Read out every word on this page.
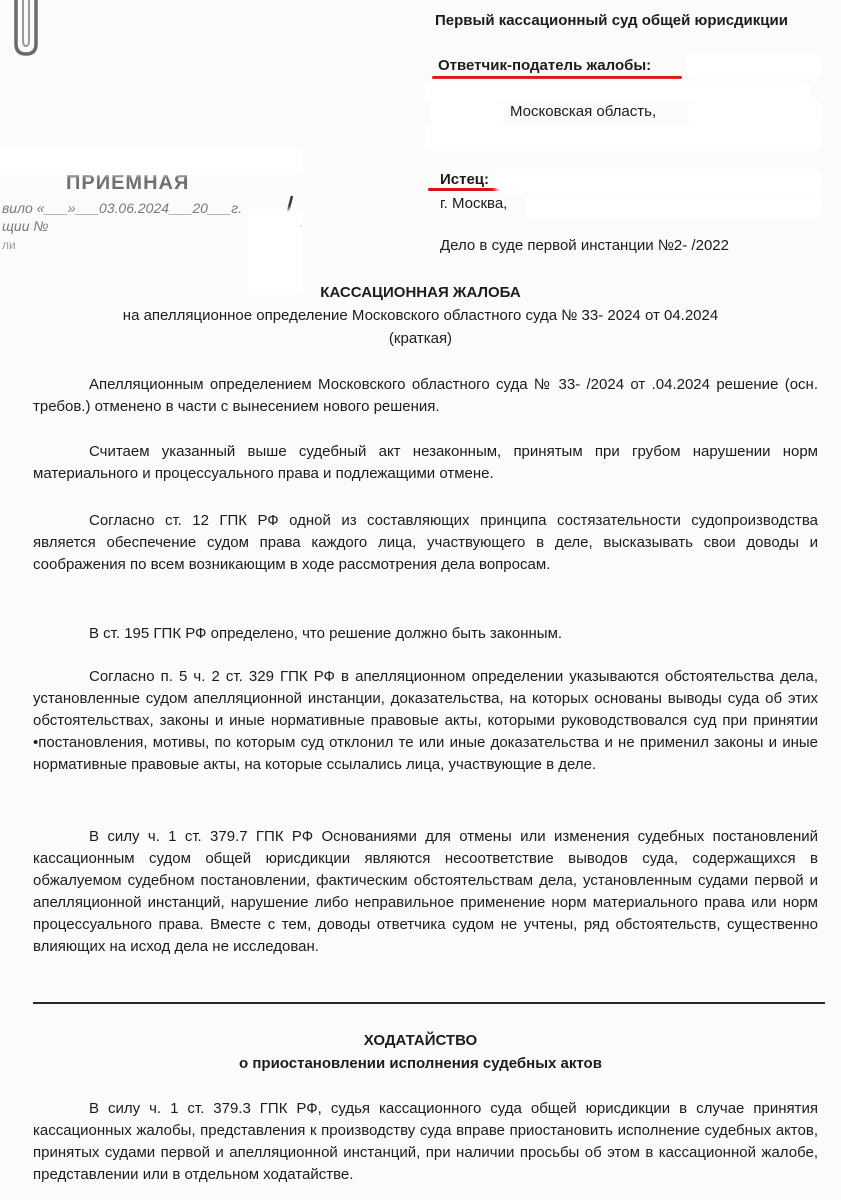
Первый кассационный суд общей юрисдикции
Ответчик-податель жалобы:
Московская область,
Истец:
г. Москва,
Дело в суде первой инстанции №2- /2022
ПРИЕМНАЯ
вило «___»___03.06.2024___20___г.
щии №
ли
КАССАЦИОННАЯ ЖАЛОБА
на апелляционное определение Московского областного суда № 33- 2024 от 04.2024
(краткая)
Апелляционным определением Московского областного суда № 33- /2024 от .04.2024 решение (осн. требов.) отменено в части с вынесением нового решения.
Считаем указанный выше судебный акт незаконным, принятым при грубом нарушении норм материального и процессуального права и подлежащими отмене.
Согласно ст. 12 ГПК РФ одной из составляющих принципа состязательности судопроизводства является обеспечение судом права каждого лица, участвующего в деле, высказывать свои доводы и соображения по всем возникающим в ходе рассмотрения дела вопросам.
В ст. 195 ГПК РФ определено, что решение должно быть законным.
Согласно п. 5 ч. 2 ст. 329 ГПК РФ в апелляционном определении указываются обстоятельства дела, установленные судом апелляционной инстанции, доказательства, на которых основаны выводы суда об этих обстоятельствах, законы и иные нормативные правовые акты, которыми руководствовался суд при принятии •постановления, мотивы, по которым суд отклонил те или иные доказательства и не применил законы и иные нормативные правовые акты, на которые ссылались лица, участвующие в деле.
В силу ч. 1 ст. 379.7 ГПК РФ Основаниями для отмены или изменения судебных постановлений кассационным судом общей юрисдикции являются несоответствие выводов суда, содержащихся в обжалуемом судебном постановлении, фактическим обстоятельствам дела, установленным судами первой и апелляционной инстанций, нарушение либо неправильное применение норм материального права или норм процессуального права. Вместе с тем, доводы ответчика судом не учтены, ряд обстоятельств, существенно влияющих на исход дела не исследован.
ХОДАТАЙСТВО
о приостановлении исполнения судебных актов
В силу ч. 1 ст. 379.3 ГПК РФ, судья кассационного суда общей юрисдикции в случае принятия кассационных жалобы, представления к производству суда вправе приостановить исполнение судебных актов, принятых судами первой и апелляционной инстанций, при наличии просьбы об этом в кассационной жалобе, представлении или в отдельном ходатайстве.
